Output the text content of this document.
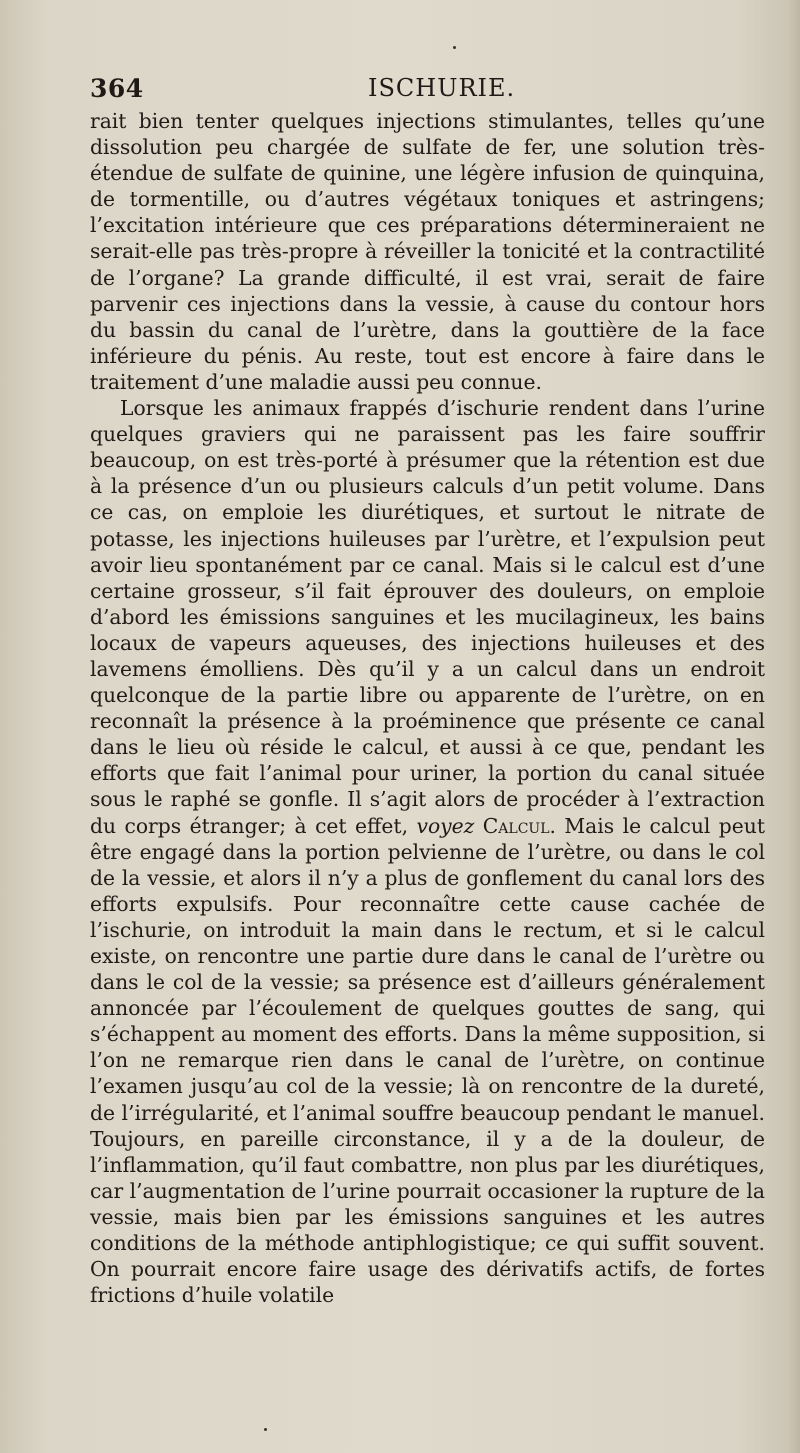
364	ISCHURIE.

rait bien tenter quelques injections stimulantes, telles qu’une dissolution peu chargée de sulfate de fer, une solution très-étendue de sulfate de quinine, une légère infusion de quinquina, de tormentille, ou d’autres végétaux toniques et astringens; l’excitation intérieure que ces préparations détermineraient ne serait-elle pas très-propre à réveiller la tonicité et la contractilité de l’organe? La grande difficulté, il est vrai, serait de faire parvenir ces injections dans la vessie, à cause du contour hors du bassin du canal de l’urètre, dans la gouttière de la face inférieure du pénis. Au reste, tout est encore à faire dans le traitement d’une maladie aussi peu connue.

Lorsque les animaux frappés d’ischurie rendent dans l’urine quelques graviers qui ne paraissent pas les faire souffrir beaucoup, on est très-porté à présumer que la rétention est due à la présence d’un ou plusieurs calculs d’un petit volume. Dans ce cas, on emploie les diurétiques, et surtout le nitrate de potasse, les injections huileuses par l’urètre, et l’expulsion peut avoir lieu spontanément par ce canal. Mais si le calcul est d’une certaine grosseur, s’il fait éprouver des douleurs, on emploie d’abord les émissions sanguines et les mucilagineux, les bains locaux de vapeurs aqueuses, des injections huileuses et des lavemens émolliens. Dès qu’il y a un calcul dans un endroit quelconque de la partie libre ou apparente de l’urètre, on en reconnaît la présence à la proéminence que présente ce canal dans le lieu où réside le calcul, et aussi à ce que, pendant les efforts que fait l’animal pour uriner, la portion du canal située sous le raphé se gonfle. Il s’agit alors de procéder à l’extraction du corps étranger; à cet effet, voyez Calcul. Mais le calcul peut être engagé dans la portion pelvienne de l’urètre, ou dans le col de la vessie, et alors il n’y a plus de gonflement du canal lors des efforts expulsifs. Pour reconnaître cette cause cachée de l’ischurie, on introduit la main dans le rectum, et si le calcul existe, on rencontre une partie dure dans le canal de l’urètre ou dans le col de la vessie; sa présence est d’ailleurs généralement annoncée par l’écoulement de quelques gouttes de sang, qui s’échappent au moment des efforts. Dans la même supposition, si l’on ne remarque rien dans le canal de l’urètre, on continue l’examen jusqu’au col de la vessie; là on rencontre de la dureté, de l’irrégularité, et l’animal souffre beaucoup pendant le manuel. Toujours, en pareille circonstance, il y a de la douleur, de l’inflammation, qu’il faut combattre, non plus par les diurétiques, car l’augmentation de l’urine pourrait occasioner la rupture de la vessie, mais bien par les émissions sanguines et les autres conditions de la méthode antiphlogistique; ce qui suffit souvent. On pourrait encore faire usage des dérivatifs actifs, de fortes frictions d’huile volatile
